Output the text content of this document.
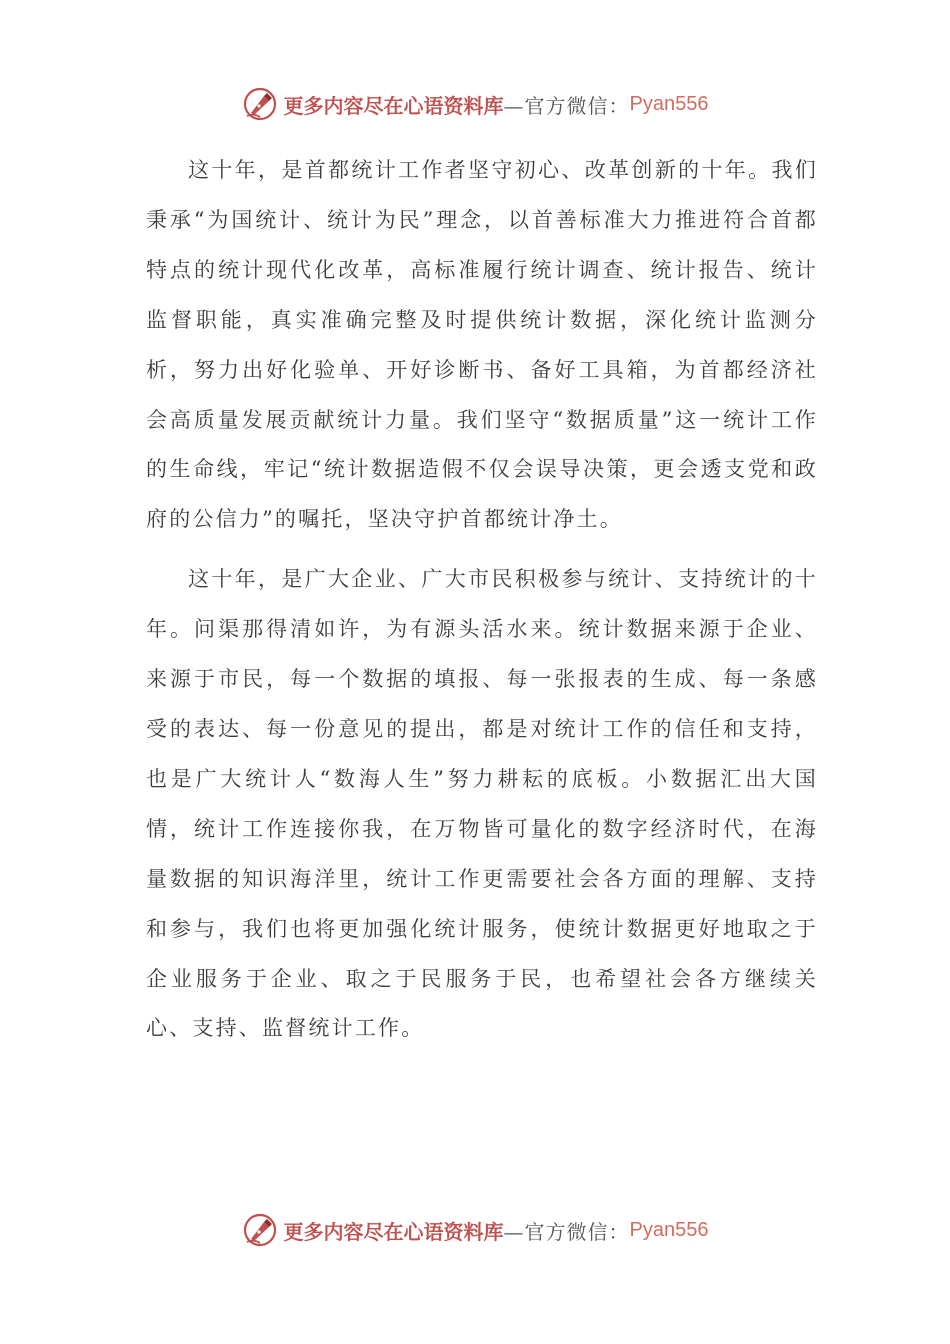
更多内容尽在心语资料库 —官方微信： Pyan556

这十年，是首都统计工作者坚守初心、改革创新的十年。我们秉承“为国统计、统计为民”理念，以首善标准大力推进符合首都特点的统计现代化改革，高标准履行统计调查、统计报告、统计监督职能，真实准确完整及时提供统计数据，深化统计监测分析，努力出好化验单、开好诊断书、备好工具箱，为首都经济社会高质量发展贡献统计力量。我们坚守“数据质量”这一统计工作的生命线，牢记“统计数据造假不仅会误导决策，更会透支党和政府的公信力”的嘱托，坚决守护首都统计净土。

这十年，是广大企业、广大市民积极参与统计、支持统计的十年。问渠那得清如许，为有源头活水来。统计数据来源于企业、来源于市民，每一个数据的填报、每一张报表的生成、每一条感受的表达、每一份意见的提出，都是对统计工作的信任和支持，也是广大统计人“数海人生”努力耕耘的底板。小数据汇出大国情，统计工作连接你我，在万物皆可量化的数字经济时代，在海量数据的知识海洋里，统计工作更需要社会各方面的理解、支持和参与，我们也将更加强化统计服务，使统计数据更好地取之于企业服务于企业、取之于民服务于民，也希望社会各方继续关心、支持、监督统计工作。

更多内容尽在心语资料库 —官方微信： Pyan556
